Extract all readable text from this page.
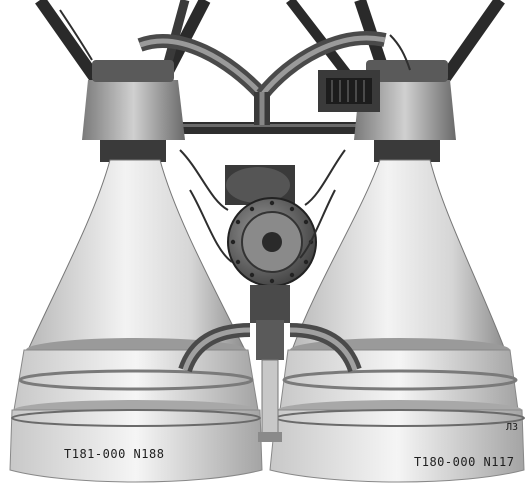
T181-000 N188
T180-000 N117
ЛЗ
